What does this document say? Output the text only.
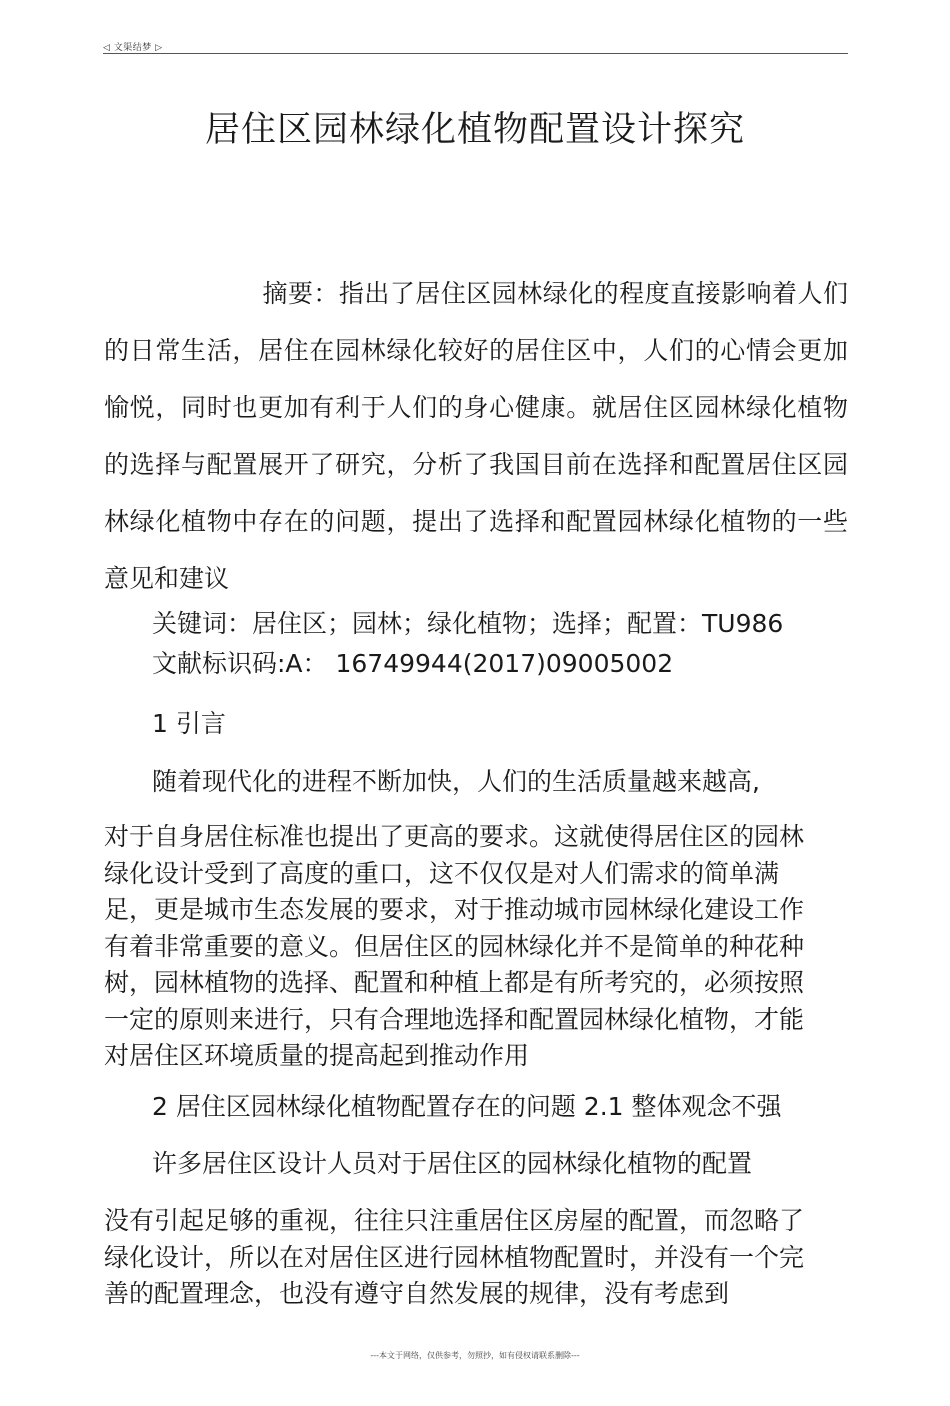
◁ 文渠结梦 ▷
居住区园林绿化植物配置设计探究

摘要：指出了居住区园林绿化的程度直接影响着人们的日常生活，居住在园林绿化较好的居住区中，人们的心情会更加愉悦，同时也更加有利于人们的身心健康。就居住区园林绿化植物的选择与配置展开了研究，分析了我国目前在选择和配置居住区园林绿化植物中存在的问题，提出了选择和配置园林绿化植物的一些意见和建议

关键词：居住区；园林；绿化植物；选择；配置：TU986
文献标识码:A： 16749944(2017)09005002

1 引言

随着现代化的进程不断加快，人们的生活质量越来越高,

对于自身居住标准也提出了更高的要求。这就使得居住区的园林绿化设计受到了高度的重口，这不仅仅是对人们需求的简单满足，更是城市生态发展的要求，对于推动城市园林绿化建设工作有着非常重要的意义。但居住区的园林绿化并不是简单的种花种树，园林植物的选择、配置和种植上都是有所考究的，必须按照一定的原则来进行，只有合理地选择和配置园林绿化植物，才能对居住区环境质量的提高起到推动作用

2 居住区园林绿化植物配置存在的问题 2.1 整体观念不强

许多居住区设计人员对于居住区的园林绿化植物的配置

没有引起足够的重视，往往只注重居住区房屋的配置，而忽略了绿化设计，所以在对居住区进行园林植物配置时，并没有一个完善的配置理念，也没有遵守自然发展的规律，没有考虑到

---本文于网络，仅供参考，勿照抄，如有侵权请联系删除---
